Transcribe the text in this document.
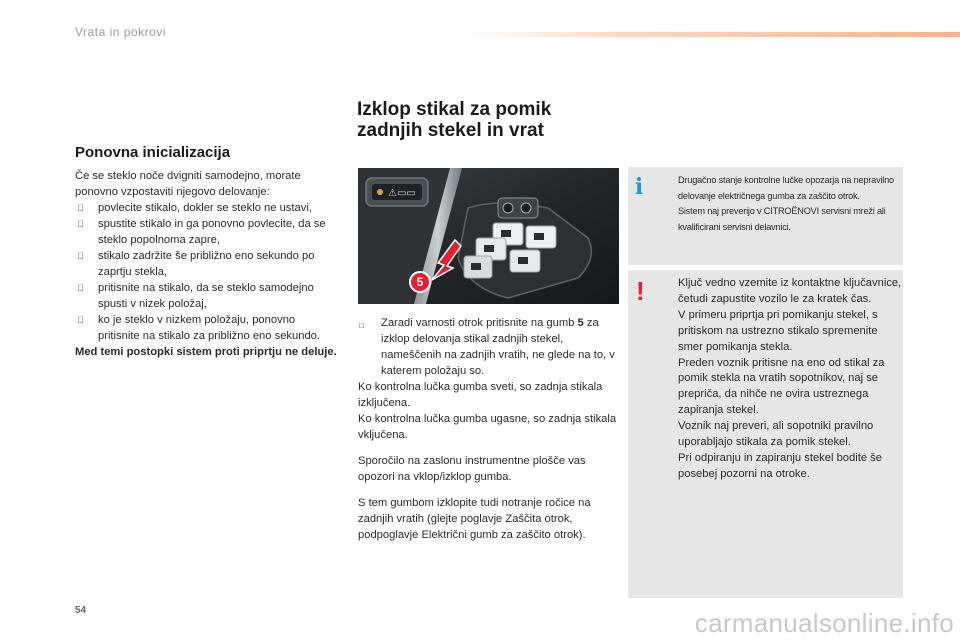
Vrata in pokrovi
Ponovna inicializacija

Če se steklo noče dvigniti samodejno, morate ponovno vzpostaviti njegovo delovanje:

povlecite stikalo, dokler se steklo ne ustavi,
spustite stikalo in ga ponovno povlecite, da se steklo popolnoma zapre,
stikalo zadržite še približno eno sekundo po zaprtju stekla,
pritisnite na stikalo, da se steklo samodejno spusti v nizek položaj,
ko je steklo v nizkem položaju, ponovno pritisnite na stikalo za približno eno sekundo.

Med temi postopki sistem proti priprtju ne deluje.

Izklop stikal za pomik
zadnjih stekel in vrat
⚠▭▭
5
□ Zaradi varnosti otrok pritisnite na gumb 5 za izklop delovanja stikal zadnjih stekel, nameščenih na zadnjih vratih, ne glede na to, v katerem položaju so.

Ko kontrolna lučka gumba sveti, so zadnja stikala izključena.

Ko kontrolna lučka gumba ugasne, so zadnja stikala vključena.

Sporočilo na zaslonu instrumentne plošče vas opozori na vklop/izklop gumba.

S tem gumbom izklopite tudi notranje ročice na zadnjih vratih (glejte poglavje Zaščita otrok, podpoglavje Električni gumb za zaščito otrok).

i	Drugačno stanje kontrolne lučke opozarja na nepravilno delovanje električnega gumba za zaščito otrok.
Sistem naj preverijo v CITROËNOVI servisni mreži ali kvalificirani servisni delavnici.
!	Ključ vedno vzemite iz kontaktne ključavnice, četudi zapustite vozilo le za kratek čas.
V primeru priprtja pri pomikanju stekel, s pritiskom na ustrezno stikalo spremenite smer pomikanja stekla.
Preden voznik pritisne na eno od stikal za pomik stekla na vratih sopotnikov, naj se prepriča, da nihče ne ovira ustreznega zapiranja stekel.
Voznik naj preveri, ali sopotniki pravilno uporabljajo stikala za pomik stekel.
Pri odpiranju in zapiranju stekel bodite še posebej pozorni na otroke.
54	carmanualsonline.info
